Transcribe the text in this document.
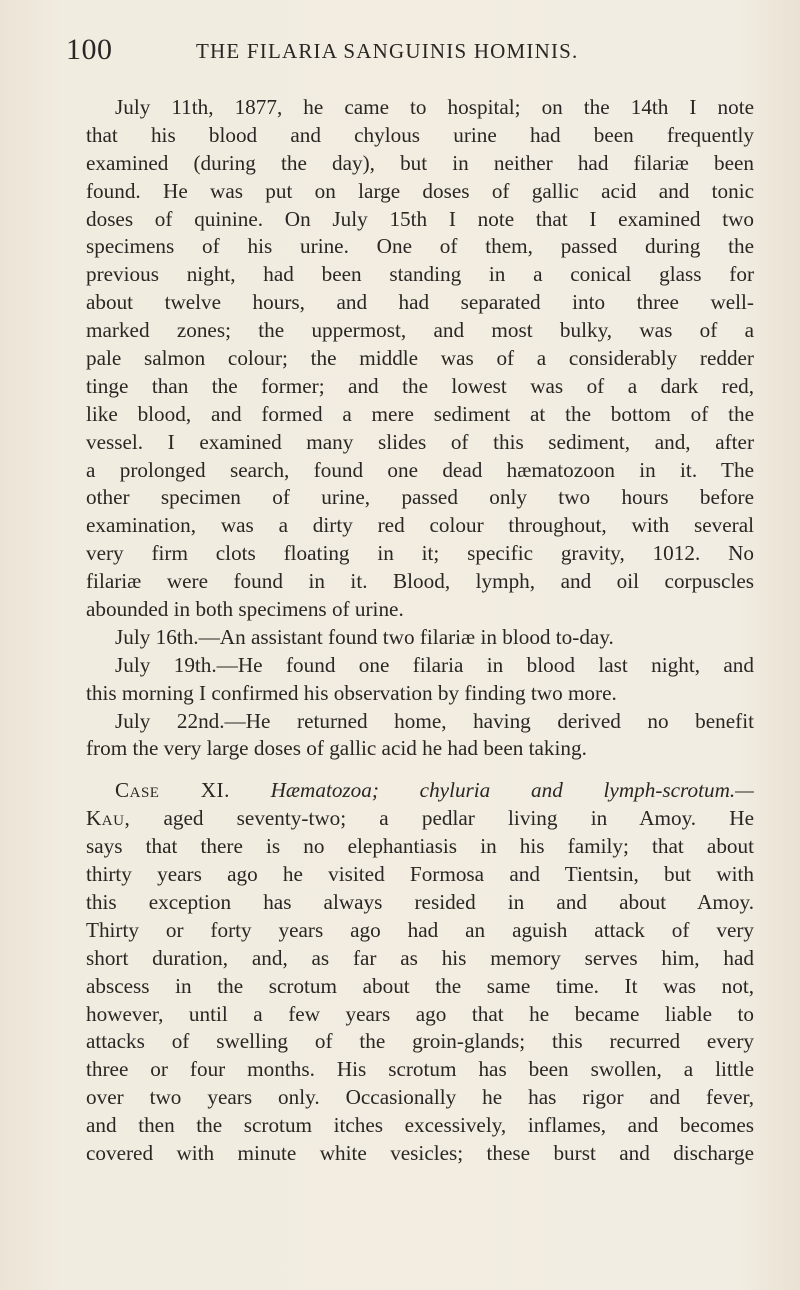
100	THE FILARIA SANGUINIS HOMINIS.
July 11th, 1877, he came to hospital; on the 14th I note
that his blood and chylous urine had been frequently
examined (during the day), but in neither had filariæ been
found. He was put on large doses of gallic acid and tonic
doses of quinine. On July 15th I note that I examined two
specimens of his urine. One of them, passed during the
previous night, had been standing in a conical glass for
about twelve hours, and had separated into three well-
marked zones; the uppermost, and most bulky, was of a
pale salmon colour; the middle was of a considerably redder
tinge than the former; and the lowest was of a dark red,
like blood, and formed a mere sediment at the bottom of the
vessel. I examined many slides of this sediment, and, after
a prolonged search, found one dead hæmatozoon in it. The
other specimen of urine, passed only two hours before
examination, was a dirty red colour throughout, with several
very firm clots floating in it; specific gravity, 1012. No
filariæ were found in it. Blood, lymph, and oil corpuscles
abounded in both specimens of urine.
July 16th.—An assistant found two filariæ in blood to-day.
July 19th.—He found one filaria in blood last night, and
this morning I confirmed his observation by finding two more.
July 22nd.—He returned home, having derived no benefit
from the very large doses of gallic acid he had been taking.
Case XI. Hæmatozoa; chyluria and lymph-scrotum.—
Kau, aged seventy-two; a pedlar living in Amoy. He
says that there is no elephantiasis in his family; that about
thirty years ago he visited Formosa and Tientsin, but with
this exception has always resided in and about Amoy.
Thirty or forty years ago had an aguish attack of very
short duration, and, as far as his memory serves him, had
abscess in the scrotum about the same time. It was not,
however, until a few years ago that he became liable to
attacks of swelling of the groin-glands; this recurred every
three or four months. His scrotum has been swollen, a little
over two years only. Occasionally he has rigor and fever,
and then the scrotum itches excessively, inflames, and becomes
covered with minute white vesicles; these burst and discharge
